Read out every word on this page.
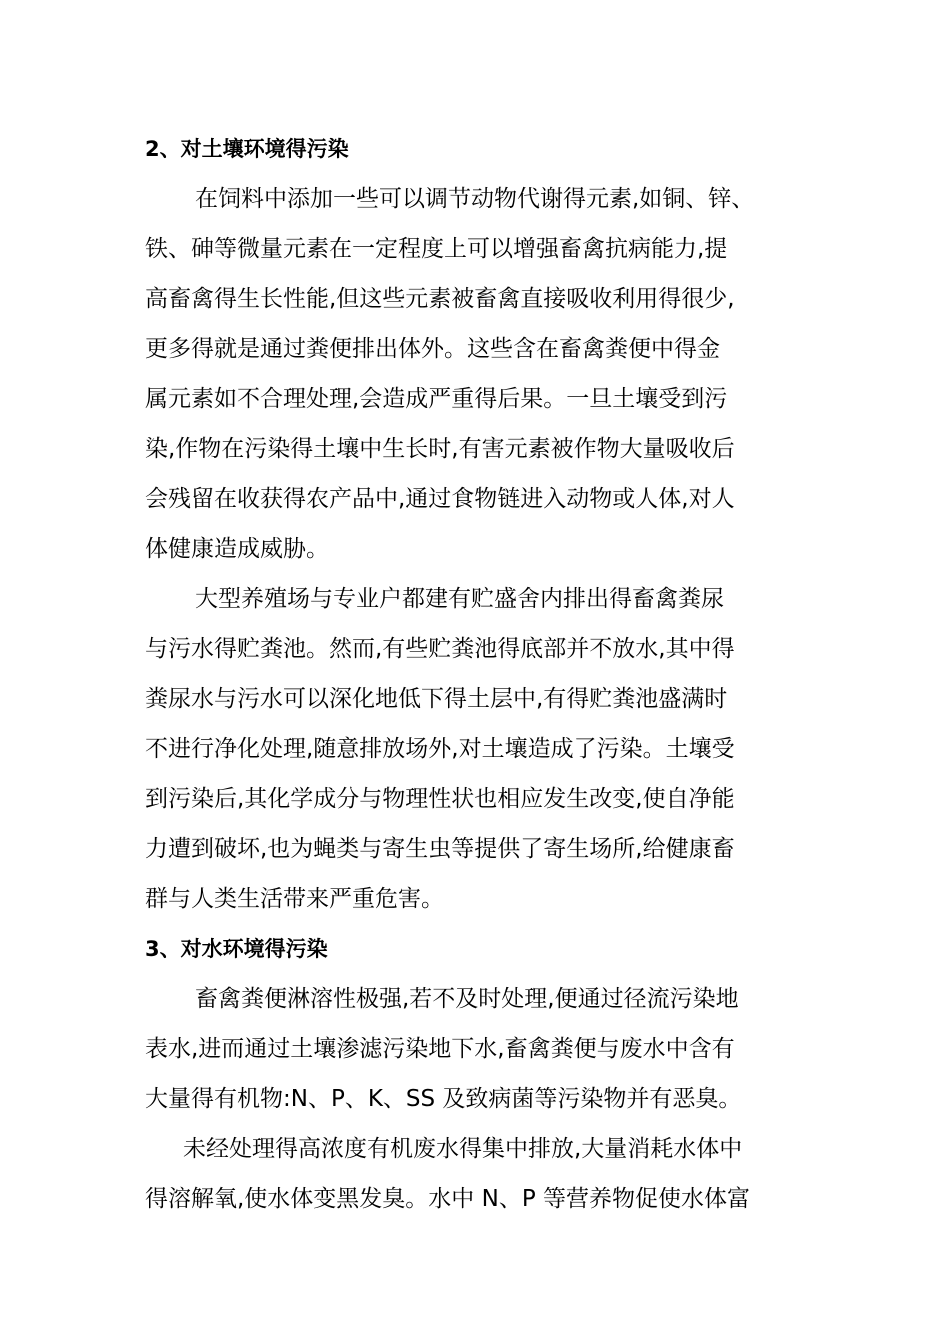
2、对土壤环境得污染
在饲料中添加一些可以调节动物代谢得元素,如铜、锌、
铁、砷等微量元素在一定程度上可以增强畜禽抗病能力,提
高畜禽得生长性能,但这些元素被畜禽直接吸收利用得很少,
更多得就是通过粪便排出体外。这些含在畜禽粪便中得金
属元素如不合理处理,会造成严重得后果。一旦土壤受到污
染,作物在污染得土壤中生长时,有害元素被作物大量吸收后
会残留在收获得农产品中,通过食物链进入动物或人体,对人
体健康造成威胁。
大型养殖场与专业户都建有贮盛舍内排出得畜禽粪尿
与污水得贮粪池。然而,有些贮粪池得底部并不放水,其中得
粪尿水与污水可以深化地低下得土层中,有得贮粪池盛满时
不进行净化处理,随意排放场外,对土壤造成了污染。土壤受
到污染后,其化学成分与物理性状也相应发生改变,使自净能
力遭到破坏,也为蝇类与寄生虫等提供了寄生场所,给健康畜
群与人类生活带来严重危害。
3、对水环境得污染
畜禽粪便淋溶性极强,若不及时处理,便通过径流污染地
表水,进而通过土壤渗滤污染地下水,畜禽粪便与废水中含有
大量得有机物:N、P、K、SS 及致病菌等污染物并有恶臭。
未经处理得高浓度有机废水得集中排放,大量消耗水体中
得溶解氧,使水体变黑发臭。水中 N、P 等营养物促使水体富
